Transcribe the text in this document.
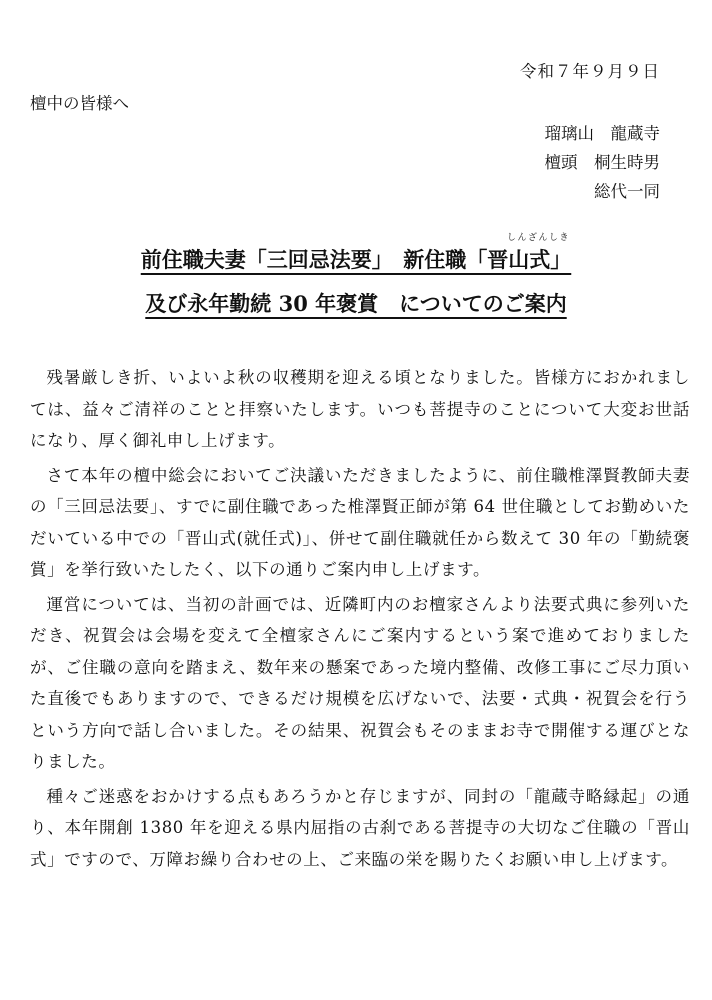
令和７年９月９日
檀中の皆様へ
瑠璃山　龍蔵寺
檀頭　桐生時男
総代一同
しんざんしき
前住職夫妻「三回忌法要」　新住職「晋山式」
及び永年勤続 30 年褒賞　についてのご案内

残暑厳しき折、いよいよ秋の収穫期を迎える頃となりました。皆様方におかれましては、益々ご清祥のことと拝察いたします。いつも菩提寺のことについて大変お世話になり、厚く御礼申し上げます。

さて本年の檀中総会においてご決議いただきましたように、前住職椎澤賢教師夫妻の「三回忌法要」、すでに副住職であった椎澤賢正師が第 64 世住職としてお勤めいただいている中での「晋山式(就任式)」、併せて副住職就任から数えて 30 年の「勤続褒賞」を挙行致いたしたく、以下の通りご案内申し上げます。

運営については、当初の計画では、近隣町内のお檀家さんより法要式典に参列いただき、祝賀会は会場を変えて全檀家さんにご案内するという案で進めておりましたが、ご住職の意向を踏まえ、数年来の懸案であった境内整備、改修工事にご尽力頂いた直後でもありますので、できるだけ規模を広げないで、法要・式典・祝賀会を行うという方向で話し合いました。その結果、祝賀会もそのままお寺で開催する運びとなりました。

種々ご迷惑をおかけする点もあろうかと存じますが、同封の「龍蔵寺略縁起」の通り、本年開創 1380 年を迎える県内屈指の古刹である菩提寺の大切なご住職の「晋山式」ですので、万障お繰り合わせの上、ご来臨の栄を賜りたくお願い申し上げます。
